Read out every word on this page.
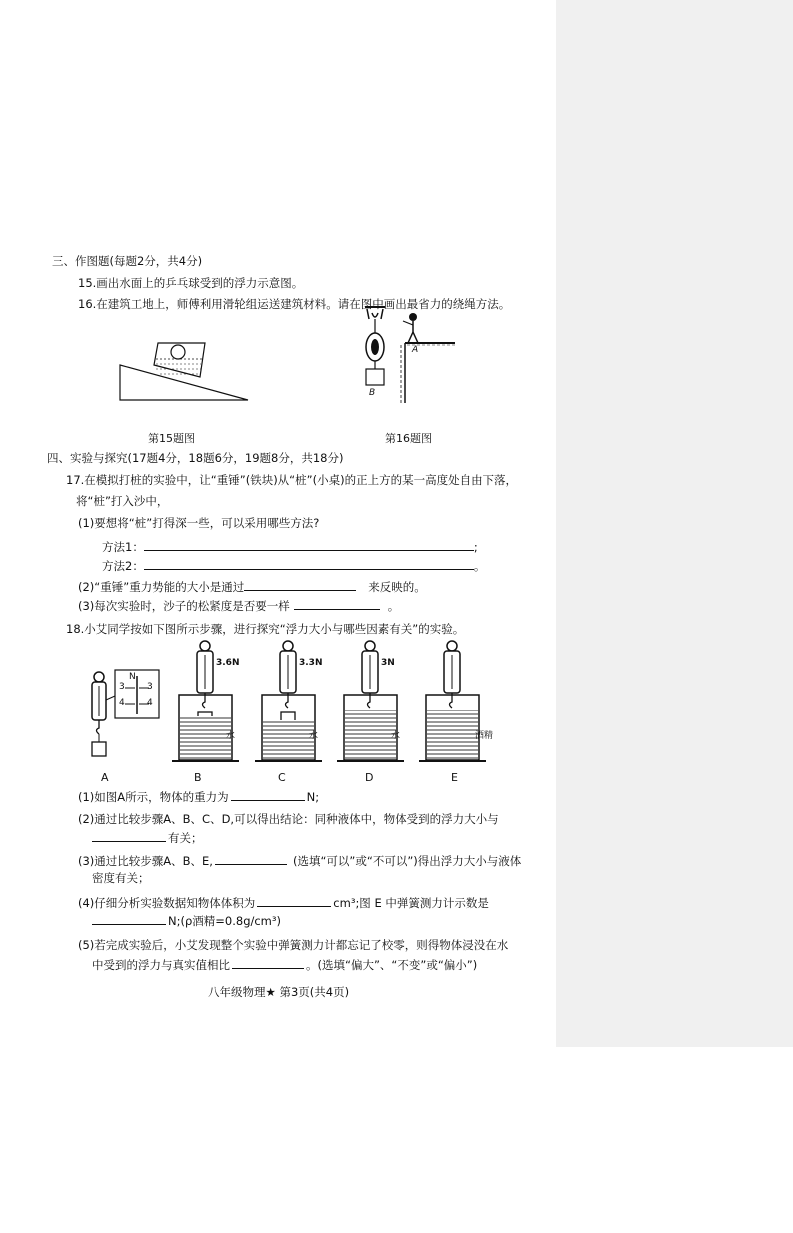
三、作图题(每题2分，共4分)
15.画出水面上的乒乓球受到的浮力示意图。
16.在建筑工地上，师傅利用滑轮组运送建筑材料。请在图中画出最省力的绕绳方法。
第15题图
A
B
第16题图
四、实验与探究(17题4分，18题6分，19题8分，共18分)
17.在模拟打桩的实验中，让“重锤”(铁块)从“桩”(小桌)的正上方的某一高度处自由下落，
将“桩”打入沙中，
(1)要想将“桩”打得深一些，可以采用哪些方法?
方法1：	;
方法2：	。
(2)“重锤”重力势能的大小是通过	来反映的。
(3)每次实验时，沙子的松紧度是否要一样	。
18.小艾同学按如下图所示步骤，进行探究“浮力大小与哪些因素有关”的实验。
N
3 3
4 4
3.6N	3.3N	3N
水	水	水	酒精
A	B	C	D	E
(1)如图A所示，物体的重力为	N;
(2)通过比较步骤A、B、C、D,可以得出结论：同种液体中，物体受到的浮力大小与
有关；
(3)通过比较步骤A、B、E,	(选填“可以”或“不可以”)得出浮力大小与液体
密度有关；
(4)仔细分析实验数据知物体体积为	cm³;图 E 中弹簧测力计示数是
N;(ρ酒精=0.8g/cm³)
(5)若完成实验后，小艾发现整个实验中弹簧测力计都忘记了校零，则得物体浸没在水
中受到的浮力与真实值相比	。(选填“偏大”、“不变”或“偏小”)
八年级物理★ 第3页(共4页)
